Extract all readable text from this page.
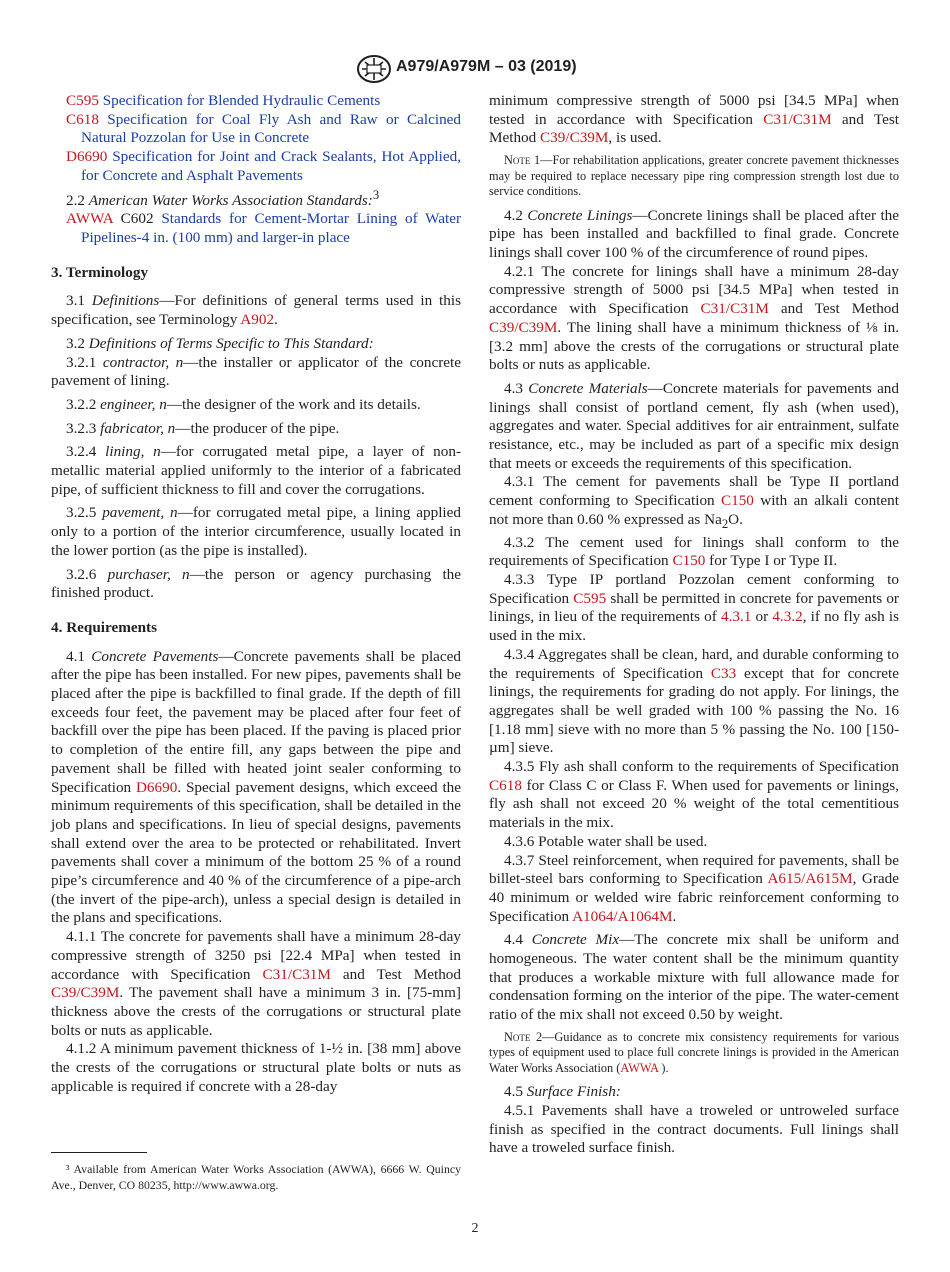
A979/A979M – 03 (2019)

C595 Specification for Blended Hydraulic Cements

C618 Specification for Coal Fly Ash and Raw or Calcined Natural Pozzolan for Use in Concrete

D6690 Specification for Joint and Crack Sealants, Hot Applied, for Concrete and Asphalt Pavements

2.2 American Water Works Association Standards:$^3$

AWWA C602 Standards for Cement-Mortar Lining of Water Pipelines-4 in. (100 mm) and larger-in place

3. Terminology

3.1 Definitions—For definitions of general terms used in this specification, see Terminology A902.

3.2 Definitions of Terms Specific to This Standard:

3.2.1 contractor, n—the installer or applicator of the concrete pavement of lining.

3.2.2 engineer, n—the designer of the work and its details.

3.2.3 fabricator, n—the producer of the pipe.

3.2.4 lining, n—for corrugated metal pipe, a layer of non-metallic material applied uniformly to the interior of a fabricated pipe, of sufficient thickness to fill and cover the corrugations.

3.2.5 pavement, n—for corrugated metal pipe, a lining applied only to a portion of the interior circumference, usually located in the lower portion (as the pipe is installed).

3.2.6 purchaser, n—the person or agency purchasing the finished product.

4. Requirements

4.1 Concrete Pavements—Concrete pavements shall be placed after the pipe has been installed. For new pipes, pavements shall be placed after the pipe is backfilled to final grade. If the depth of fill exceeds four feet, the pavement may be placed after four feet of backfill over the pipe has been placed. If the paving is placed prior to completion of the entire fill, any gaps between the pipe and pavement shall be filled with heated joint sealer conforming to Specification D6690. Special pavement designs, which exceed the minimum requirements of this specification, shall be detailed in the job plans and specifications. In lieu of special designs, pavements shall extend over the area to be protected or rehabilitated. Invert pavements shall cover a minimum of the bottom 25 % of a round pipe’s circumference and 40 % of the circumference of a pipe-arch (the invert of the pipe-arch), unless a special design is detailed in the plans and specifications.

4.1.1 The concrete for pavements shall have a minimum 28-day compressive strength of 3250 psi [22.4 MPa] when tested in accordance with Specification C31/C31M and Test Method C39/C39M. The pavement shall have a minimum 3 in. [75-mm] thickness above the crests of the corrugations or structural plate bolts or nuts as applicable.

4.1.2 A minimum pavement thickness of 1-½ in. [38 mm] above the crests of the corrugations or structural plate bolts or nuts as applicable is required if concrete with a 28-day

³ Available from American Water Works Association (AWWA), 6666 W. Quincy Ave., Denver, CO 80235, http://www.awwa.org.

minimum compressive strength of 5000 psi [34.5 MPa] when tested in accordance with Specification C31/C31M and Test Method C39/C39M, is used.

Note 1—For rehabilitation applications, greater concrete pavement thicknesses may be required to replace necessary pipe ring compression strength lost due to service conditions.

4.2 Concrete Linings—Concrete linings shall be placed after the pipe has been installed and backfilled to final grade. Concrete linings shall cover 100 % of the circumference of round pipes.

4.2.1 The concrete for linings shall have a minimum 28-day compressive strength of 5000 psi [34.5 MPa] when tested in accordance with Specification C31/C31M and Test Method C39/C39M. The lining shall have a minimum thickness of ⅛ in. [3.2 mm] above the crests of the corrugations or structural plate bolts or nuts as applicable.

4.3 Concrete Materials—Concrete materials for pavements and linings shall consist of portland cement, fly ash (when used), aggregates and water. Special additives for air entrainment, sulfate resistance, etc., may be included as part of a specific mix design that meets or exceeds the requirements of this specification.

4.3.1 The cement for pavements shall be Type II portland cement conforming to Specification C150 with an alkali content not more than 0.60 % expressed as $Na_2O$.

4.3.2 The cement used for linings shall conform to the requirements of Specification C150 for Type I or Type II.

4.3.3 Type IP portland Pozzolan cement conforming to Specification C595 shall be permitted in concrete for pavements or linings, in lieu of the requirements of 4.3.1 or 4.3.2, if no fly ash is used in the mix.

4.3.4 Aggregates shall be clean, hard, and durable conforming to the requirements of Specification C33 except that for concrete linings, the requirements for grading do not apply. For linings, the aggregates shall be well graded with 100 % passing the No. 16 [1.18 mm] sieve with no more than 5 % passing the No. 100 [150-µm] sieve.

4.3.5 Fly ash shall conform to the requirements of Specification C618 for Class C or Class F. When used for pavements or linings, fly ash shall not exceed 20 % weight of the total cementitious materials in the mix.

4.3.6 Potable water shall be used.

4.3.7 Steel reinforcement, when required for pavements, shall be billet-steel bars conforming to Specification A615/A615M, Grade 40 minimum or welded wire fabric reinforcement conforming to Specification A1064/A1064M.

4.4 Concrete Mix—The concrete mix shall be uniform and homogeneous. The water content shall be the minimum quantity that produces a workable mixture with full allowance made for condensation forming on the interior of the pipe. The water-cement ratio of the mix shall not exceed 0.50 by weight.

Note 2—Guidance as to concrete mix consistency requirements for various types of equipment used to place full concrete linings is provided in the American Water Works Association (AWWA ).

4.5 Surface Finish:

4.5.1 Pavements shall have a troweled or untroweled surface finish as specified in the contract documents. Full linings shall have a troweled surface finish.

2
